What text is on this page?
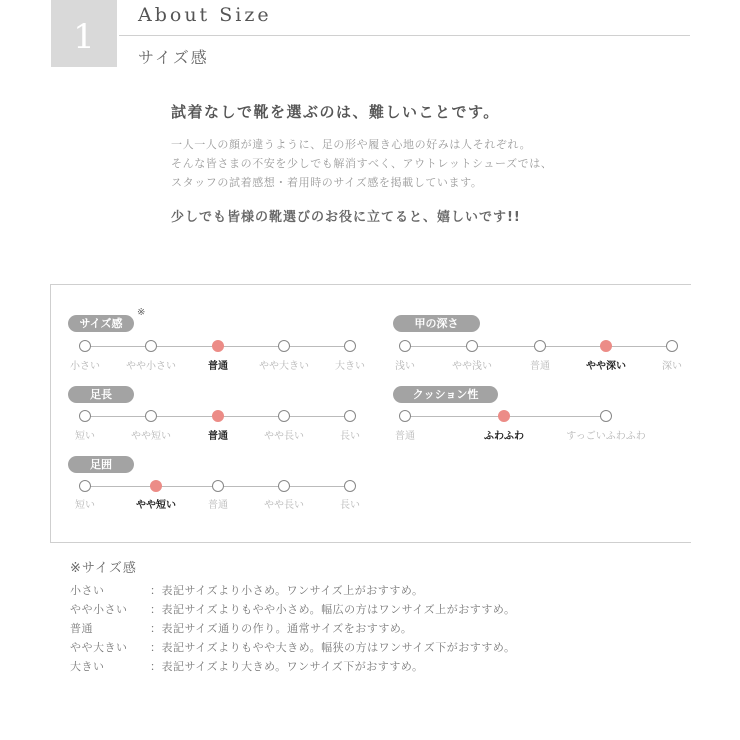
1
About Size
サイズ感
試着なしで靴を選ぶのは、難しいことです。
一人一人の顔が違うように、足の形や履き心地の好みは人それぞれ。
そんな皆さまの不安を少しでも解消すべく、アウトレットシューズでは、
スタッフの試着感想・着用時のサイズ感を掲載しています。
少しでも皆様の靴選びのお役に立てると、嬉しいです!!
サイズ感
※
小さい	やや小さい	普通	やや大きい	大きい
甲の深さ
浅い	やや浅い	普通	やや深い	深い
足長
短い	やや短い	普通	やや長い	長い
クッション性
普通	ふわふわ	すっごいふわふわ
足囲
短い	やや短い	普通	やや長い	長い
※サイズ感
小さい	：表記サイズより小さめ。ワンサイズ上がおすすめ。
やや小さい ：表記サイズよりもやや小さめ。幅広の方はワンサイズ上がおすすめ。
普通	：表記サイズ通りの作り。通常サイズをおすすめ。
やや大きい ：表記サイズよりもやや大きめ。幅狭の方はワンサイズ下がおすすめ。
大きい	：表記サイズより大きめ。ワンサイズ下がおすすめ。
